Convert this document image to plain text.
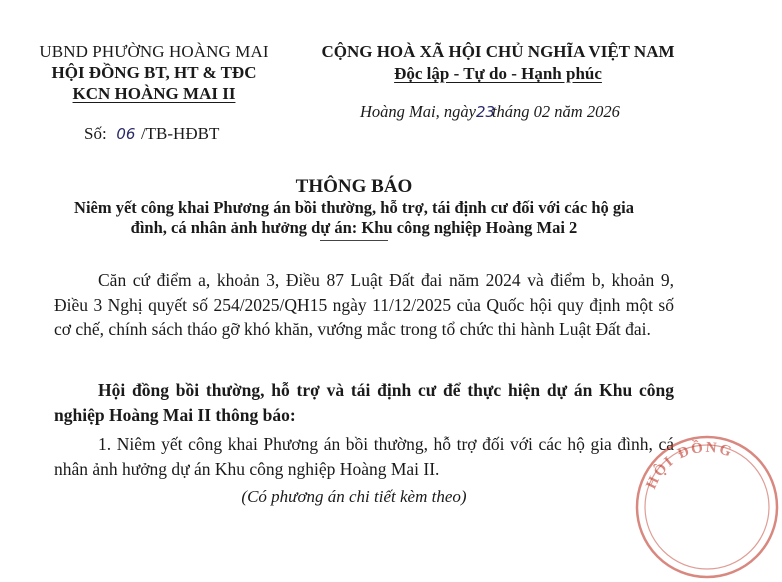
UBND PHƯỜNG HOÀNG MAI
HỘI ĐỒNG BT, HT & TĐC
KCN HOÀNG MAI II
CỘNG HOÀ XÃ HỘI CHỦ NGHĨA VIỆT NAM
Độc lập - Tự do - Hạnh phúc
Hoàng Mai, ngày23tháng 02 năm 2026
Số: 06 /TB-HĐBT
THÔNG BÁO
Niêm yết công khai Phương án bồi thường, hỗ trợ, tái định cư đối với các hộ gia
đình, cá nhân ảnh hưởng dự án: Khu công nghiệp Hoàng Mai 2
Căn cứ điểm a, khoản 3, Điều 87 Luật Đất đai năm 2024 và điểm b, khoản 9, Điều 3 Nghị quyết số 254/2025/QH15 ngày 11/12/2025 của Quốc hội quy định một số cơ chế, chính sách tháo gỡ khó khăn, vướng mắc trong tổ chức thi hành Luật Đất đai.
Hội đồng bồi thường, hỗ trợ và tái định cư để thực hiện dự án Khu công nghiệp Hoàng Mai II thông báo:
1. Niêm yết công khai Phương án bồi thường, hỗ trợ đối với các hộ gia đình, cá nhân ảnh hưởng dự án Khu công nghiệp Hoàng Mai II.
(Có phương án chi tiết kèm theo)
HỘI ĐỒNG
